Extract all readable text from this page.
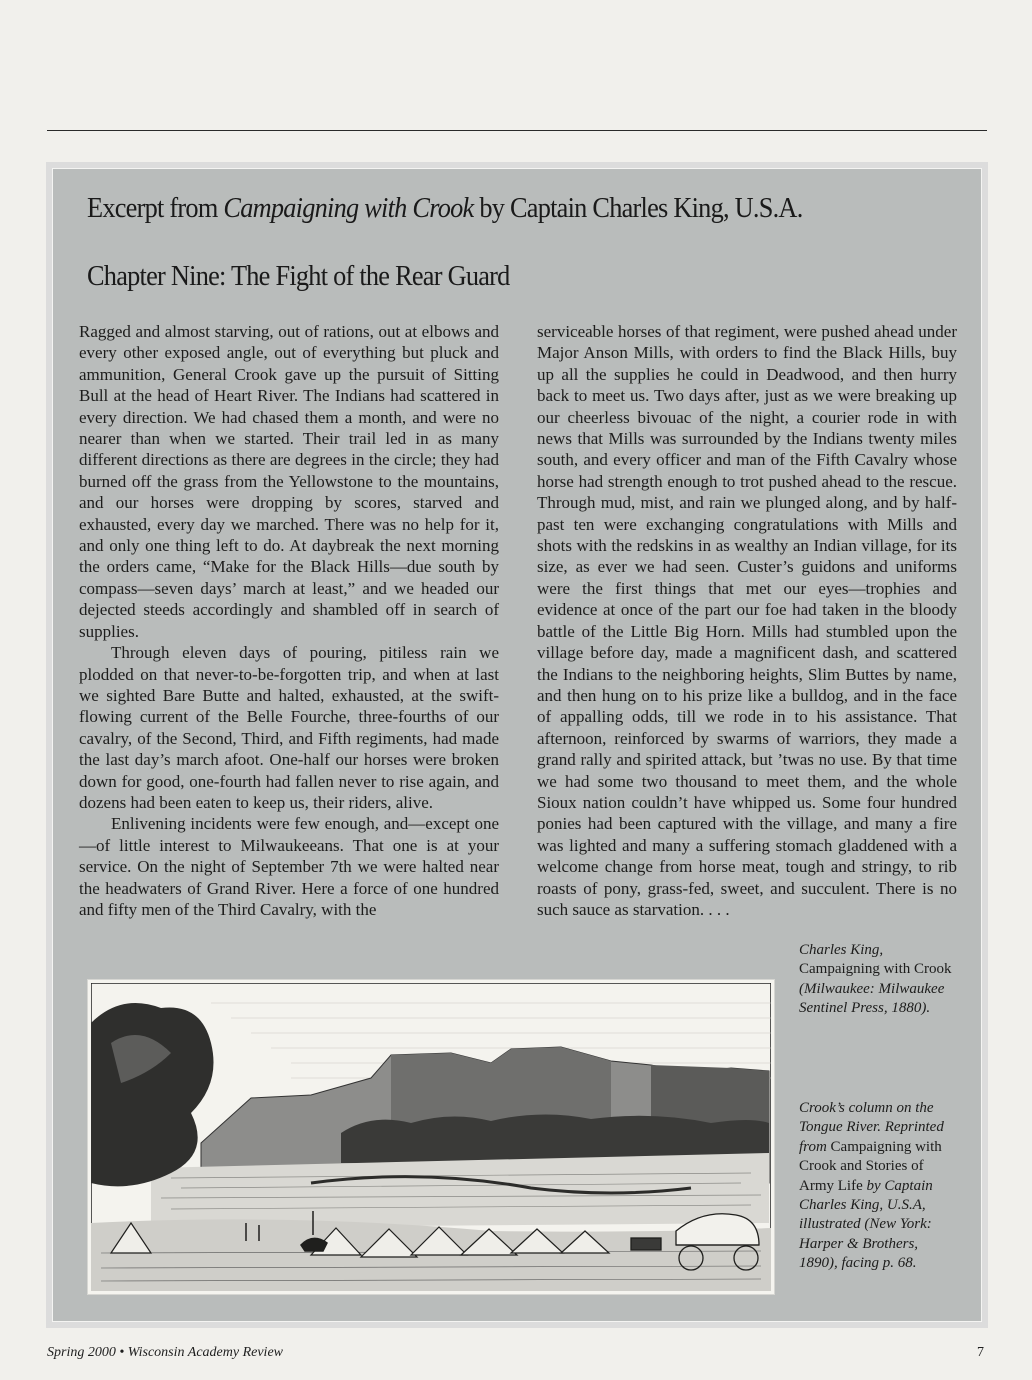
Excerpt from Campaigning with Crook by Captain Charles King, U.S.A.
Chapter Nine: The Fight of the Rear Guard

Ragged and almost starving, out of rations, out at elbows and every other exposed angle, out of everything but pluck and ammunition, General Crook gave up the pursuit of Sitting Bull at the head of Heart River. The Indians had scattered in every direction. We had chased them a month, and were no nearer than when we started. Their trail led in as many different directions as there are degrees in the circle; they had burned off the grass from the Yellowstone to the mountains, and our horses were dropping by scores, starved and exhausted, every day we marched. There was no help for it, and only one thing left to do. At daybreak the next morning the orders came, “Make for the Black Hills—due south by compass—seven days’ march at least,” and we headed our dejected steeds accordingly and shambled off in search of supplies.

Through eleven days of pouring, pitiless rain we plodded on that never-to-be-forgotten trip, and when at last we sighted Bare Butte and halted, exhausted, at the swift-flowing current of the Belle Fourche, three-fourths of our cavalry, of the Second, Third, and Fifth regiments, had made the last day’s march afoot. One-half our horses were broken down for good, one-fourth had fallen never to rise again, and dozens had been eaten to keep us, their riders, alive.

Enlivening incidents were few enough, and—except one—of little interest to Milwaukeeans. That one is at your service. On the night of September 7th we were halted near the headwaters of Grand River. Here a force of one hundred and fifty men of the Third Cavalry, with the

serviceable horses of that regiment, were pushed ahead under Major Anson Mills, with orders to find the Black Hills, buy up all the supplies he could in Deadwood, and then hurry back to meet us. Two days after, just as we were breaking up our cheerless bivouac of the night, a courier rode in with news that Mills was surrounded by the Indians twenty miles south, and every officer and man of the Fifth Cavalry whose horse had strength enough to trot pushed ahead to the rescue. Through mud, mist, and rain we plunged along, and by half-past ten were exchanging congratulations with Mills and shots with the redskins in as wealthy an Indian village, for its size, as ever we had seen. Custer’s guidons and uniforms were the first things that met our eyes—trophies and evidence at once of the part our foe had taken in the bloody battle of the Little Big Horn. Mills had stumbled upon the village before day, made a magnificent dash, and scattered the Indians to the neighboring heights, Slim Buttes by name, and then hung on to his prize like a bulldog, and in the face of appalling odds, till we rode in to his assistance. That afternoon, reinforced by swarms of warriors, they made a grand rally and spirited attack, but ’twas no use. By that time we had some two thousand to meet them, and the whole Sioux nation couldn’t have whipped us. Some four hundred ponies had been captured with the village, and many a fire was lighted and many a suffering stomach gladdened with a welcome change from horse meat, tough and stringy, to rib roasts of pony, grass-fed, sweet, and succulent. There is no such sauce as starvation. . . .

Charles King, Campaigning with Crook (Milwaukee: Milwaukee Sentinel Press, 1880).
Crook’s column on the Tongue River. Reprinted from Campaigning with Crook and Stories of Army Life by Captain Charles King, U.S.A, illustrated (New York: Harper & Brothers, 1890), facing p. 68.
Spring 2000 • Wisconsin Academy Review	7
